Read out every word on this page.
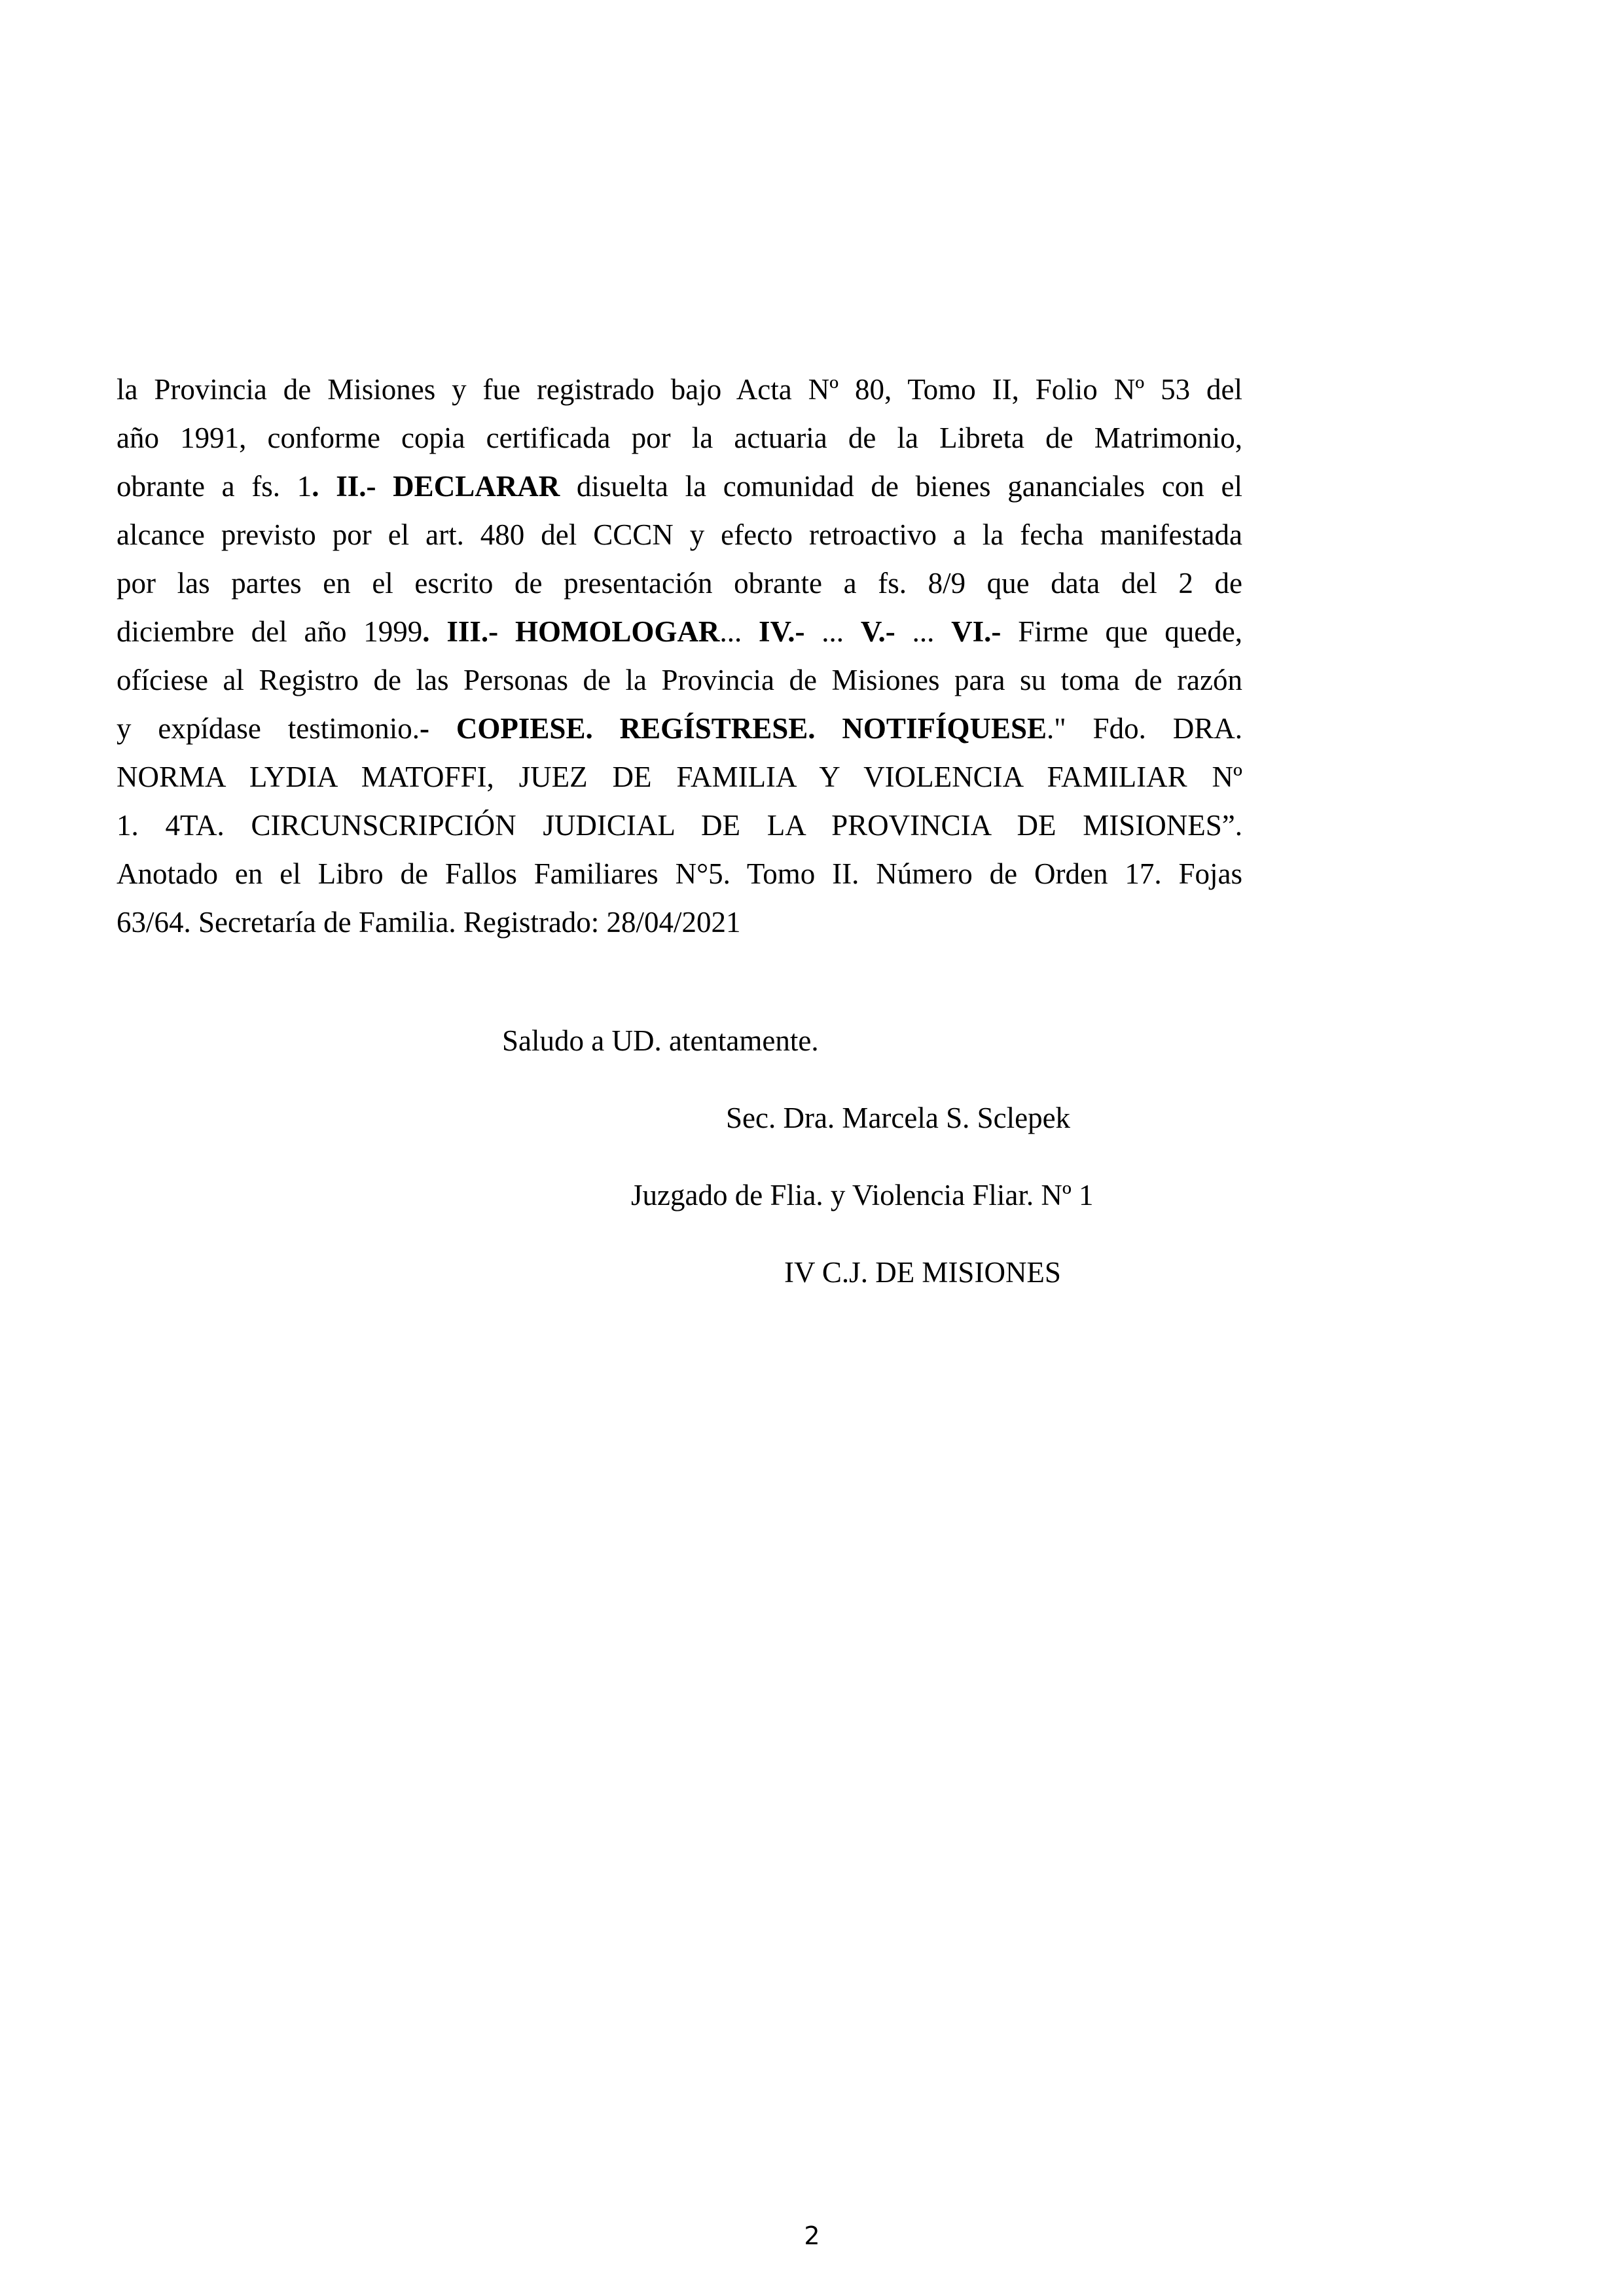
la Provincia de Misiones y fue registrado bajo Acta Nº 80, Tomo II, Folio Nº 53 del
año 1991, conforme copia certificada por la actuaria de la Libreta de Matrimonio,
obrante a fs. 1. II.- DECLARAR disuelta la comunidad de bienes gananciales con el
alcance previsto por el art. 480 del CCCN y efecto retroactivo a la fecha manifestada
por las partes en el escrito de presentación obrante a fs. 8/9 que data del 2 de
diciembre del año 1999. III.- HOMOLOGAR... IV.- ... V.- ... VI.- Firme que quede,
ofíciese al Registro de las Personas de la Provincia de Misiones para su toma de razón
y expídase testimonio.- COPIESE. REGÍSTRESE. NOTIFÍQUESE." Fdo. DRA.
NORMA LYDIA MATOFFI, JUEZ DE FAMILIA Y VIOLENCIA FAMILIAR Nº
1. 4TA. CIRCUNSCRIPCIÓN JUDICIAL DE LA PROVINCIA DE MISIONES”.
Anotado en el Libro de Fallos Familiares N°5. Tomo II. Número de Orden 17. Fojas
63/64. Secretaría de Familia. Registrado: 28/04/2021
Saludo a UD. atentamente.
Sec. Dra. Marcela S. Sclepek
Juzgado de Flia. y Violencia Fliar. Nº 1
IV C.J. DE MISIONES
2
